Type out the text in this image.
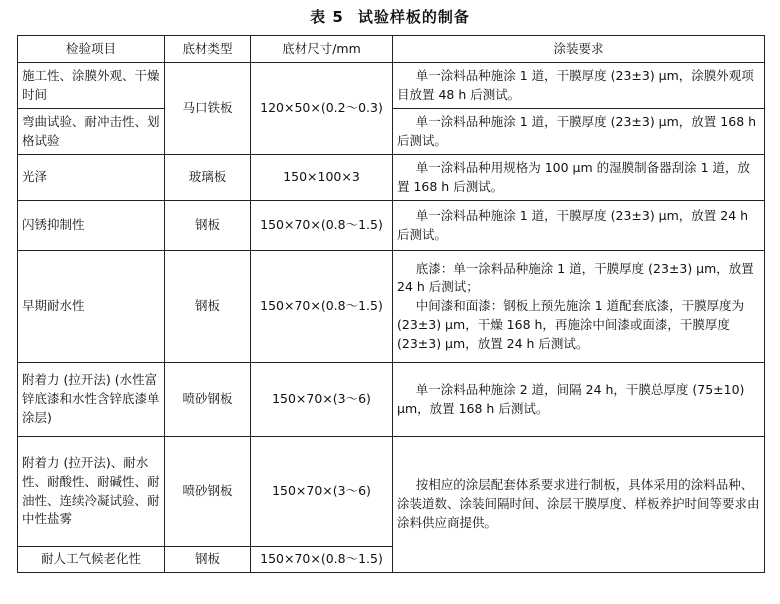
表 5 试验样板的制备
检验项目	底材类型	底材尺寸/mm	涂装要求
施工性、涂膜外观、干燥时间	马口铁板	120×50×(0.2～0.3)	单一涂料品种施涂 1 道，干膜厚度 (23±3) μm，涂膜外观项目放置 48 h 后测试。

弯曲试验、耐冲击性、划格试验			单一涂料品种施涂 1 道，干膜厚度 (23±3) μm，放置 168 h 后测试。

光泽	玻璃板	150×100×3	单一涂料品种用规格为 100 μm 的湿膜制备器刮涂 1 道，放置 168 h 后测试。

闪锈抑制性	钢板	150×70×(0.8～1.5)	单一涂料品种施涂 1 道，干膜厚度 (23±3) μm，放置 24 h 后测试。

早期耐水性	钢板	150×70×(0.8～1.5)	底漆：单一涂料品种施涂 1 道，干膜厚度 (23±3) μm，放置 24 h 后测试；

中间漆和面漆：钢板上预先施涂 1 道配套底漆，干膜厚度为 (23±3) μm，干燥 168 h，再施涂中间漆或面漆，干膜厚度 (23±3) μm，放置 24 h 后测试。

附着力 (拉开法) (水性富锌底漆和水性含锌底漆单涂层)	喷砂钢板	150×70×(3～6)	单一涂料品种施涂 2 道，间隔 24 h，干膜总厚度 (75±10) μm，放置 168 h 后测试。

附着力 (拉开法)、耐水性、耐酸性、耐碱性、耐油性、连续冷凝试验、耐中性盐雾	喷砂钢板	150×70×(3～6)	按相应的涂层配套体系要求进行制板，具体采用的涂料品种、涂装道数、涂装间隔时间、涂层干膜厚度、样板养护时间等要求由涂料供应商提供。

耐人工气候老化性	钢板	150×70×(0.8～1.5)	
